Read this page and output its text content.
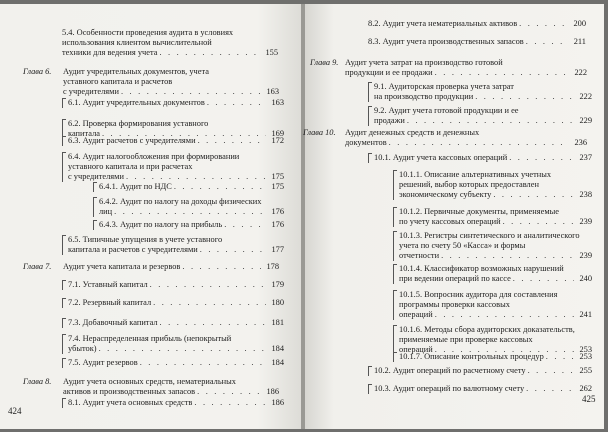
5.4. Особенности проведения аудита в условиях
использования клиентом вычислительной
техники для ведения учета . . .	155
Глава 6. Аудит учредительных документов, учета
уставного капитала и расчетов
с учредителями . . .	163
6.1. Аудит учредительных документов . . .	163
6.2. Проверка формирования уставного
капитала . . .	169
6.3. Аудит расчетов с учредителями . . .	172
6.4. Аудит налогообложения при формировании
уставного капитала и при расчетах
с учредителями . . .	175
6.4.1. Аудит по НДС . . .	175
6.4.2. Аудит по налогу на доходы физических
лиц . . .	176
6.4.3. Аудит по налогу на прибыль . . .	176
6.5. Типичные упущения в учете уставного
капитала и расчетов с учредителями . . .	177
Глава 7. Аудит учета капитала и резервов . . .	178
7.1. Уставный капитал . . .	179
7.2. Резервный капитал . . .	180
7.3. Добавочный капитал . . .	181
7.4. Нераспределенная прибыль (непокрытый
убыток) . . .	184
7.5. Аудит резервов . . .	184
Глава 8. Аудит учета основных средств, нематериальных
активов и производственных запасов . . .	186
8.1. Аудит учета основных средств . . .	186
8.2. Аудит учета нематериальных активов . . .	200
8.3. Аудит учета производственных запасов . . .	211
Глава 9. Аудит учета затрат на производство готовой
продукции и ее продажи . . .	222
9.1. Аудиторская проверка учета затрат
на производство продукции . . .	222
9.2. Аудит учета готовой продукции и ее
продажи . . .	229
Глава 10. Аудит денежных средств и денежных
документов . . .	236
10.1. Аудит учета кассовых операций . . .	237
10.1.1. Описание альтернативных учетных
решений, выбор которых предоставлен
экономическому субъекту . . .	238
10.1.2. Первичные документы, применяемые
по учету кассовых операций . . .	239
10.1.3. Регистры синтетического и аналитического
учета по счету 50 «Касса» и формы
отчетности . . .	239
10.1.4. Классификатор возможных нарушений
при ведении операций по кассе . . .	240
10.1.5. Вопросник аудитора для составления
программы проверки кассовых
операций . . .	241
10.1.6. Методы сбора аудиторских доказательств,
применяемые при проверке кассовых
операций . . .	253
10.1.7. Описание контрольных процедур . . .	253
10.2. Аудит операций по расчетному счету . . .	255
10.3. Аудит операций по валютному счету . . .	262
424
425
